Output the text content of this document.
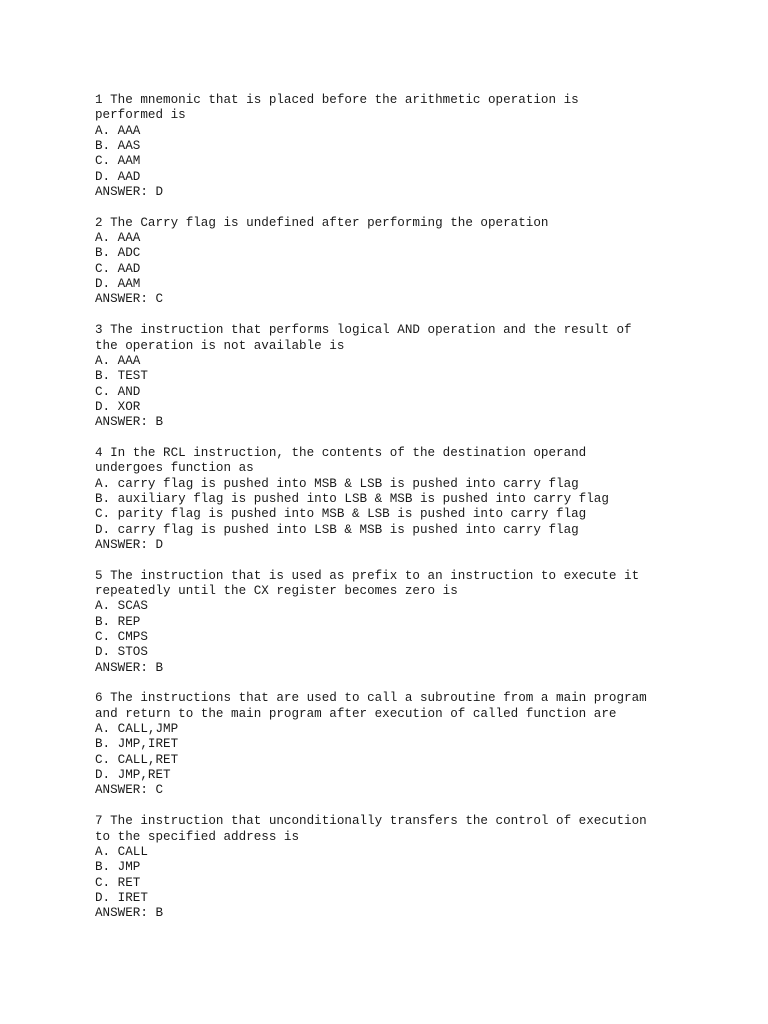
1 The mnemonic that is placed before the arithmetic operation is
performed is
A. AAA
B. AAS
C. AAM
D. AAD
ANSWER: D
2 The Carry flag is undefined after performing the operation
A. AAA
B. ADC
C. AAD
D. AAM
ANSWER: C
3 The instruction that performs logical AND operation and the result of
the operation is not available is
A. AAA
B. TEST
C. AND
D. XOR
ANSWER: B
4 In the RCL instruction, the contents of the destination operand
undergoes function as
A. carry flag is pushed into MSB & LSB is pushed into carry flag
B. auxiliary flag is pushed into LSB & MSB is pushed into carry flag
C. parity flag is pushed into MSB & LSB is pushed into carry flag
D. carry flag is pushed into LSB & MSB is pushed into carry flag
ANSWER: D
5 The instruction that is used as prefix to an instruction to execute it
repeatedly until the CX register becomes zero is
A. SCAS
B. REP
C. CMPS
D. STOS
ANSWER: B
6 The instructions that are used to call a subroutine from a main program
and return to the main program after execution of called function are
A. CALL,JMP
B. JMP,IRET
C. CALL,RET
D. JMP,RET
ANSWER: C
7 The instruction that unconditionally transfers the control of execution
to the specified address is
A. CALL
B. JMP
C. RET
D. IRET
ANSWER: B
